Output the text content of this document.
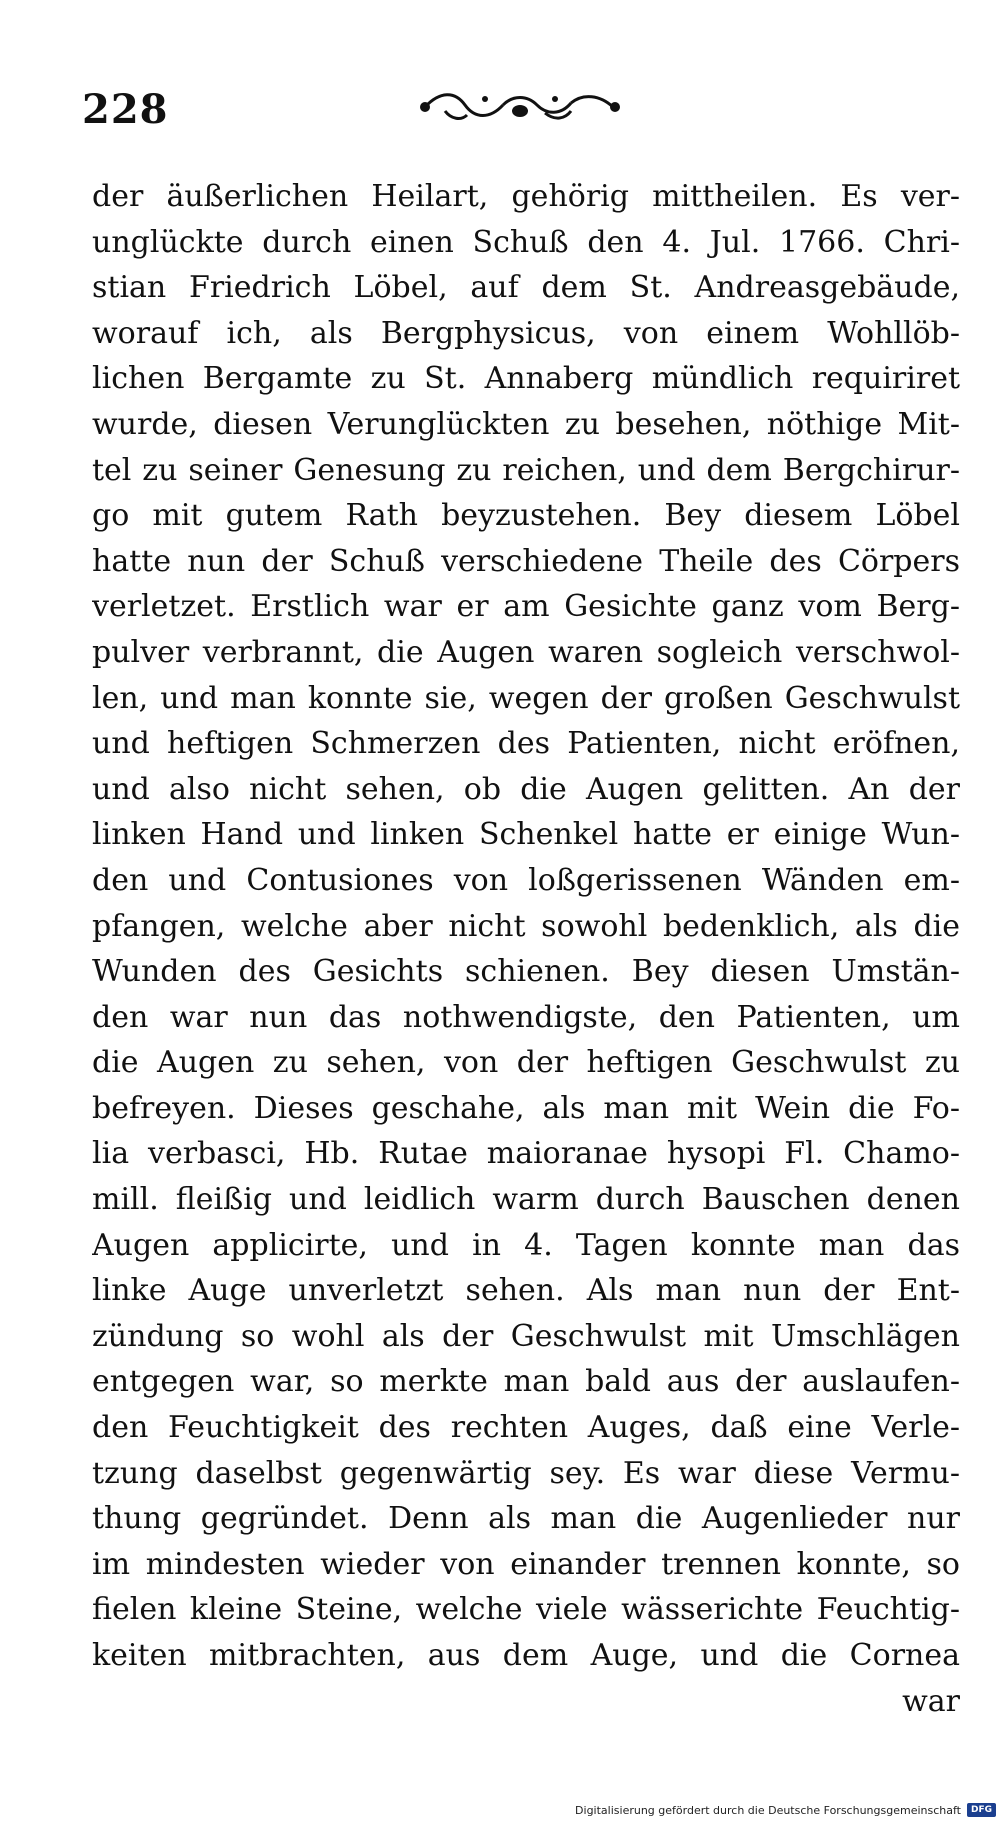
228
der äußerlichen Heilart, gehörig mittheilen. Es ver-
unglückte durch einen Schuß den 4. Jul. 1766. Chri-
stian Friedrich Löbel, auf dem St. Andreasgebäude,
worauf ich, als Bergphysicus, von einem Wohllöb-
lichen Bergamte zu St. Annaberg mündlich requiriret
wurde, diesen Verunglückten zu besehen, nöthige Mit-
tel zu seiner Genesung zu reichen, und dem Bergchirur-
go mit gutem Rath beyzustehen. Bey diesem Löbel
hatte nun der Schuß verschiedene Theile des Cörpers
verletzet. Erstlich war er am Gesichte ganz vom Berg-
pulver verbrannt, die Augen waren sogleich verschwol-
len, und man konnte sie, wegen der großen Geschwulst
und heftigen Schmerzen des Patienten, nicht eröfnen,
und also nicht sehen, ob die Augen gelitten. An der
linken Hand und linken Schenkel hatte er einige Wun-
den und Contusiones von loßgerissenen Wänden em-
pfangen, welche aber nicht sowohl bedenklich, als die
Wunden des Gesichts schienen. Bey diesen Umstän-
den war nun das nothwendigste, den Patienten, um
die Augen zu sehen, von der heftigen Geschwulst zu
befreyen. Dieses geschahe, als man mit Wein die Fo-
lia verbasci, Hb. Rutae maioranae hysopi Fl. Chamo-
mill. fleißig und leidlich warm durch Bauschen denen
Augen applicirte, und in 4. Tagen konnte man das
linke Auge unverletzt sehen. Als man nun der Ent-
zündung so wohl als der Geschwulst mit Umschlägen
entgegen war, so merkte man bald aus der auslaufen-
den Feuchtigkeit des rechten Auges, daß eine Verle-
tzung daselbst gegenwärtig sey. Es war diese Vermu-
thung gegründet. Denn als man die Augenlieder nur
im mindesten wieder von einander trennen konnte, so
fielen kleine Steine, welche viele wässerichte Feuchtig-
keiten mitbrachten, aus dem Auge, und die Cornea
war
Digitalisierung gefördert durch die Deutsche Forschungsgemeinschaft	DFG
